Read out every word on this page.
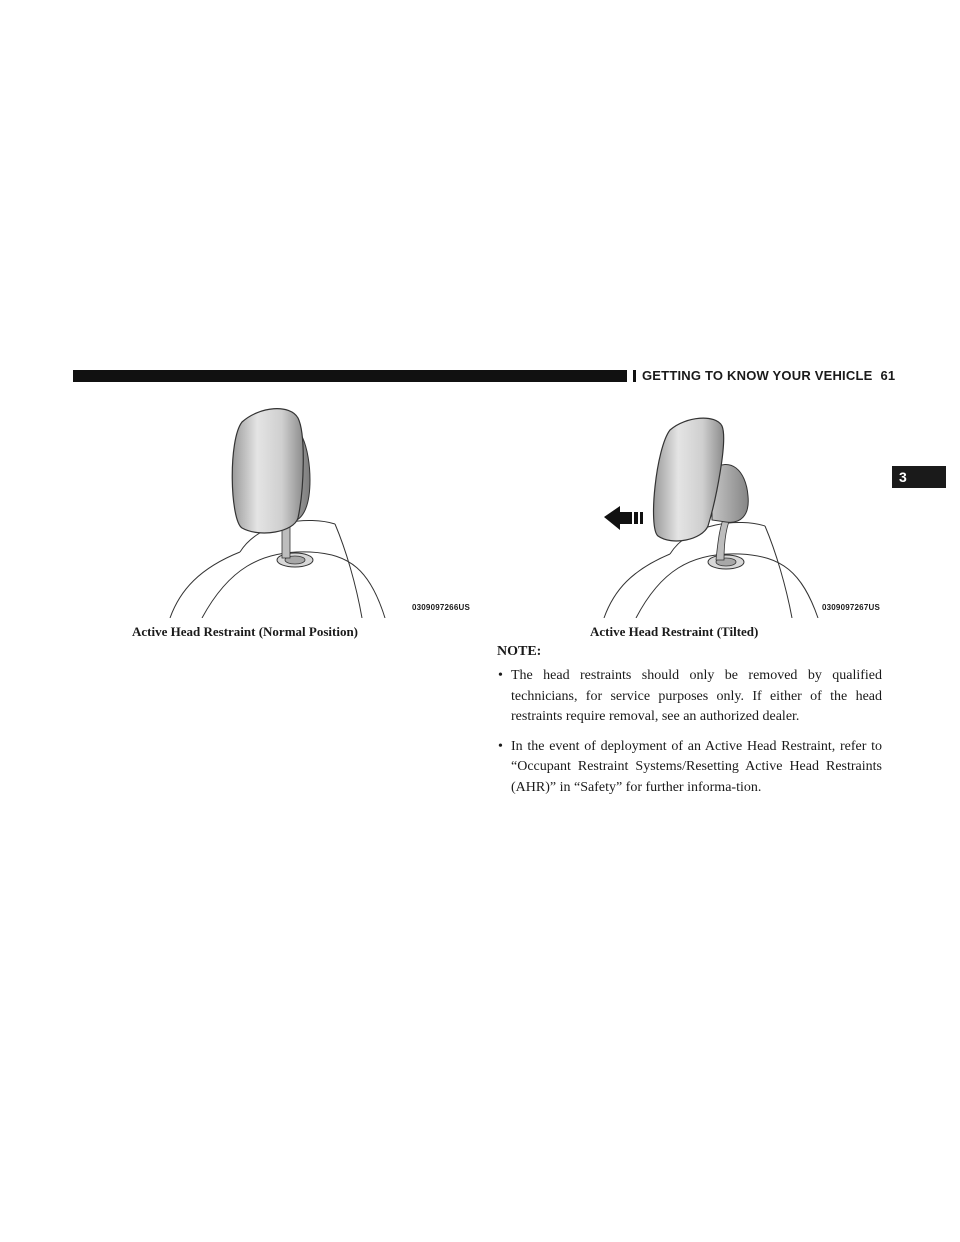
GETTING TO KNOW YOUR VEHICLE 61
3
0309097266US	0309097267US
Active Head Restraint (Normal Position)	Active Head Restraint (Tilted)
NOTE:
• The head restraints should only be removed by qualified technicians, for service purposes only. If either of the head restraints require removal, see an authorized dealer.
• In the event of deployment of an Active Head Restraint, refer to “Occupant Restraint Systems/Resetting Active Head Restraints (AHR)” in “Safety” for further informa-tion.
